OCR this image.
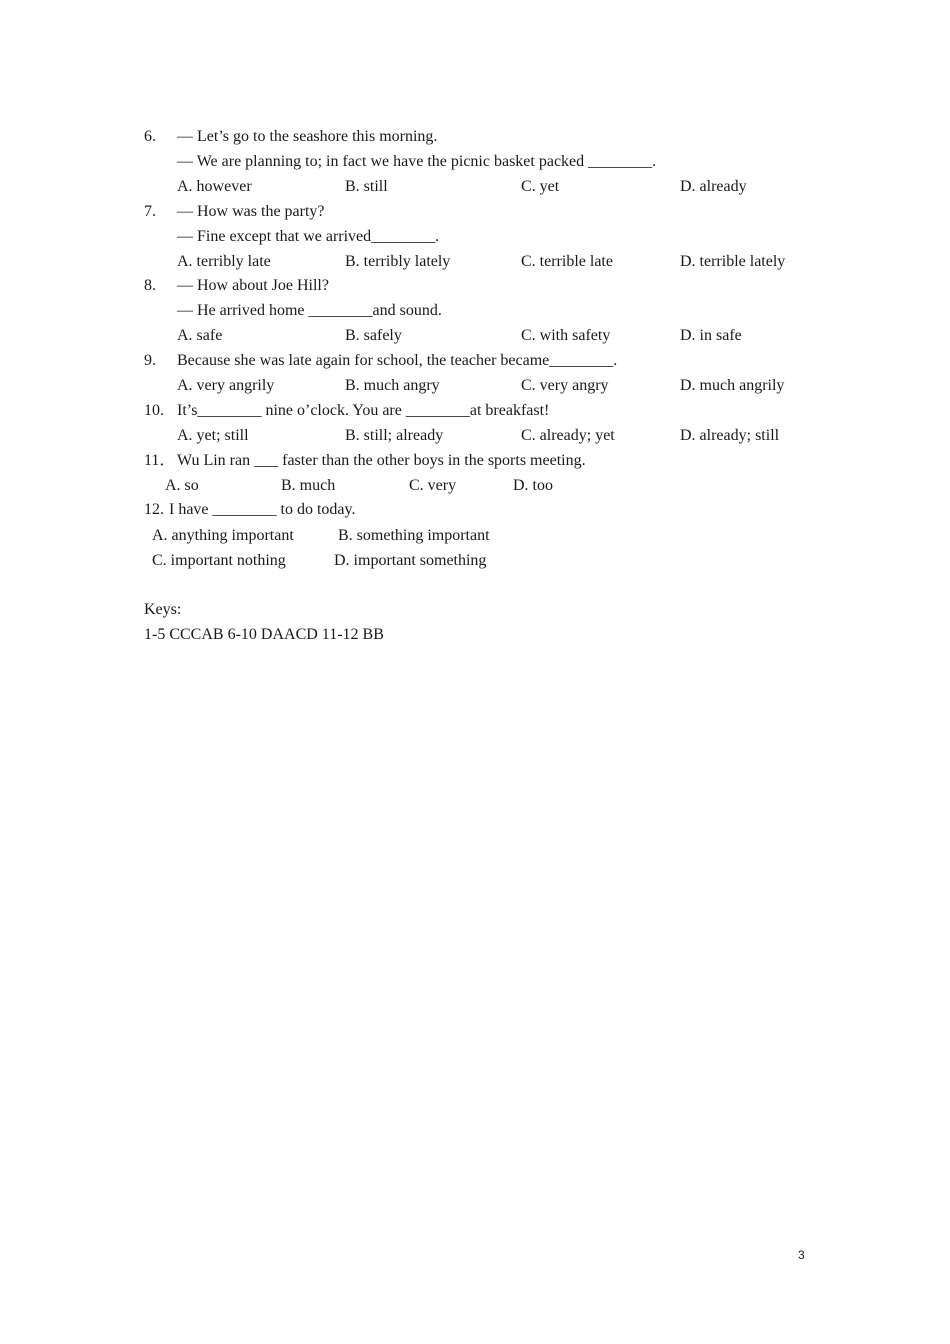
6. — Let’s go to the seashore this morning.
— We are planning to; in fact we have the picnic basket packed ________.
A. however	B. still	C. yet	D. already
7. — How was the party?
— Fine except that we arrived________.
A. terribly late	B. terribly lately	C. terrible late	D. terrible lately
8. — How about Joe Hill?
— He arrived home ________and sound.
A. safe	B. safely	C. with safety	D. in safe
9. Because she was late again for school, the teacher became________.
A. very angrily	B. much angry	C. very angry	D. much angrily
10. It’s________ nine o’clock. You are ________at breakfast!
A. yet; still	B. still; already	C. already; yet	D. already; still
11． Wu Lin ran ___ faster than the other boys in the sports meeting.
A. so	B. much	C. very	D. too
12. I have ________ to do today.
A. anything important	B. something important
C. important nothing	D. important something
Keys:
1-5 CCCAB 6-10 DAACD 11-12 BB
3
